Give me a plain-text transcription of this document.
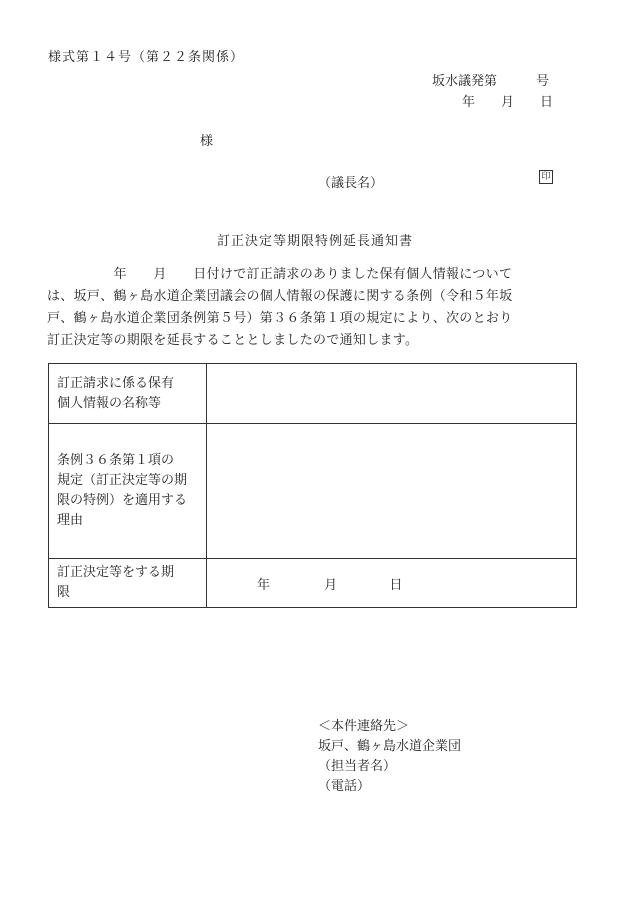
様式第１４号（第２２条関係）
坂水議発第　　　号
年　　月　　日
様
（議長名）	印
訂正決定等期限特例延長通知書
　　　　　年　　月　　日付けで訂正請求のありました保有個人情報について
は、坂戸、鶴ヶ島水道企業団議会の個人情報の保護に関する条例（令和５年坂
戸、鶴ヶ島水道企業団条例第５号）第３６条第１項の規定により、次のとおり
訂正決定等の期限を延長することとしましたので通知します。
訂正請求に係る保有
個人情報の名称等	
条例３６条第１項の
規定（訂正決定等の期
限の特例）を適用する
理由	
訂正決定等をする期
限	年 月 日
＜本件連絡先＞
坂戸、鶴ヶ島水道企業団
（担当者名）
（電話）
